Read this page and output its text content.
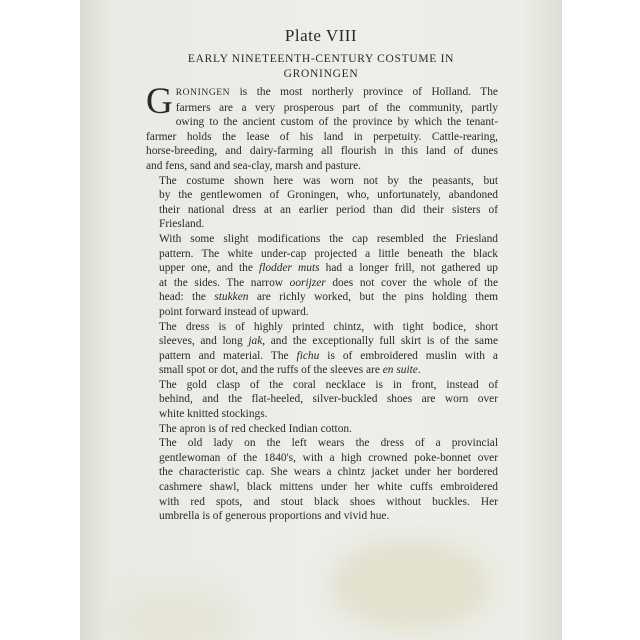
Plate VIII
EARLY NINETEENTH-CENTURY COSTUME IN
GRONINGEN

G RONINGEN is the most northerly province of Holland. The
farmers are a very prosperous part of the community, partly
owing to the ancient custom of the province by which the tenant-
farmer holds the lease of his land in perpetuity. Cattle-rearing,
horse-breeding, and dairy-farming all flourish in this land of dunes
and fens, sand and sea-clay, marsh and pasture.

The costume shown here was worn not by the peasants, but
by the gentlewomen of Groningen, who, unfortunately, abandoned
their national dress at an earlier period than did their sisters of
Friesland.

With some slight modifications the cap resembled the Friesland
pattern. The white under-cap projected a little beneath the black
upper one, and the flodder muts had a longer frill, not gathered up
at the sides. The narrow oorijzer does not cover the whole of the
head: the stukken are richly worked, but the pins holding them
point forward instead of upward.

The dress is of highly printed chintz, with tight bodice, short
sleeves, and long jak, and the exceptionally full skirt is of the same
pattern and material. The fichu is of embroidered muslin with a
small spot or dot, and the ruffs of the sleeves are en suite.

The gold clasp of the coral necklace is in front, instead of
behind, and the flat-heeled, silver-buckled shoes are worn over
white knitted stockings.

The apron is of red checked Indian cotton.

The old lady on the left wears the dress of a provincial
gentlewoman of the 1840's, with a high crowned poke-bonnet over
the characteristic cap. She wears a chintz jacket under her bordered
cashmere shawl, black mittens under her white cuffs embroidered
with red spots, and stout black shoes without buckles. Her
umbrella is of generous proportions and vivid hue.
